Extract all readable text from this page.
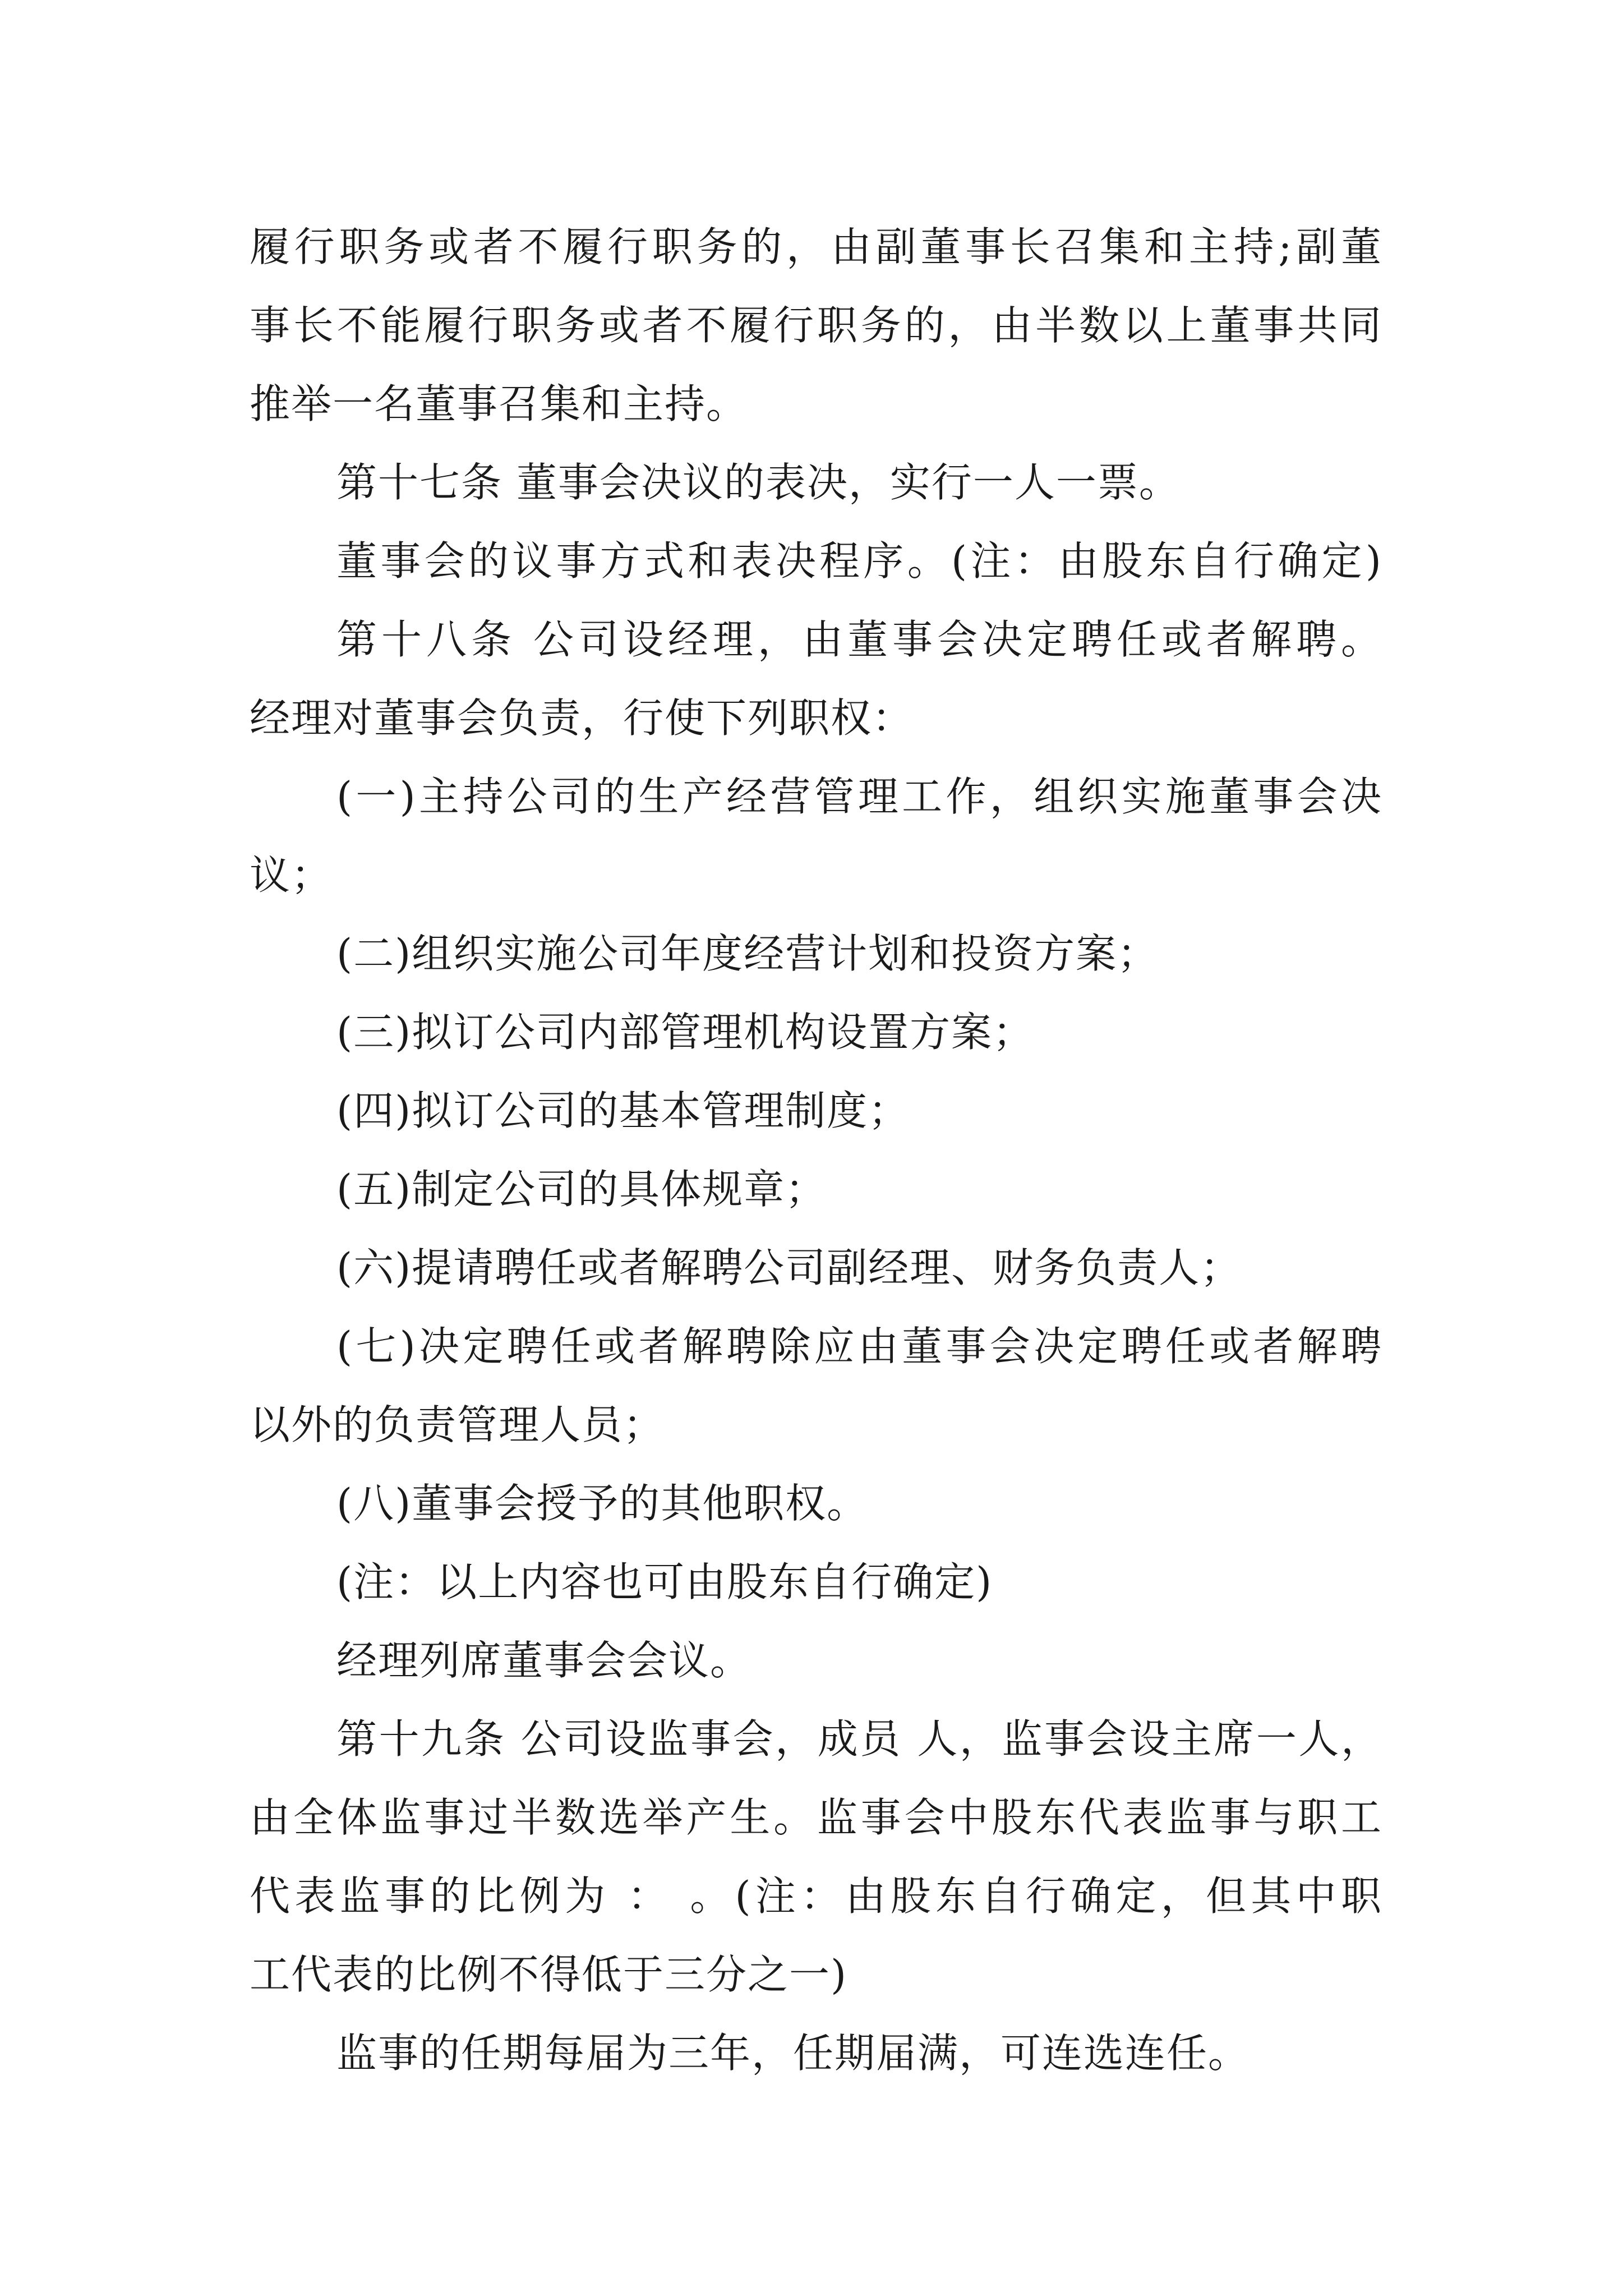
履行职务或者不履行职务的，由副董事长召集和主持;副董
事长不能履行职务或者不履行职务的，由半数以上董事共同
推举一名董事召集和主持。
第十七条 董事会决议的表决，实行一人一票。
董事会的议事方式和表决程序。(注：由股东自行确定)
第十八条 公司设经理，由董事会决定聘任或者解聘。
经理对董事会负责，行使下列职权：
(一)主持公司的生产经营管理工作，组织实施董事会决
议；
(二)组织实施公司年度经营计划和投资方案；
(三)拟订公司内部管理机构设置方案；
(四)拟订公司的基本管理制度；
(五)制定公司的具体规章；
(六)提请聘任或者解聘公司副经理、财务负责人；
(七)决定聘任或者解聘除应由董事会决定聘任或者解聘
以外的负责管理人员；
(八)董事会授予的其他职权。
(注：以上内容也可由股东自行确定)
经理列席董事会会议。
第十九条 公司设监事会，成员 人，监事会设主席一人，
由全体监事过半数选举产生。监事会中股东代表监事与职工
代表监事的比例为 ： 。(注：由股东自行确定，但其中职
工代表的比例不得低于三分之一)
监事的任期每届为三年，任期届满，可连选连任。
